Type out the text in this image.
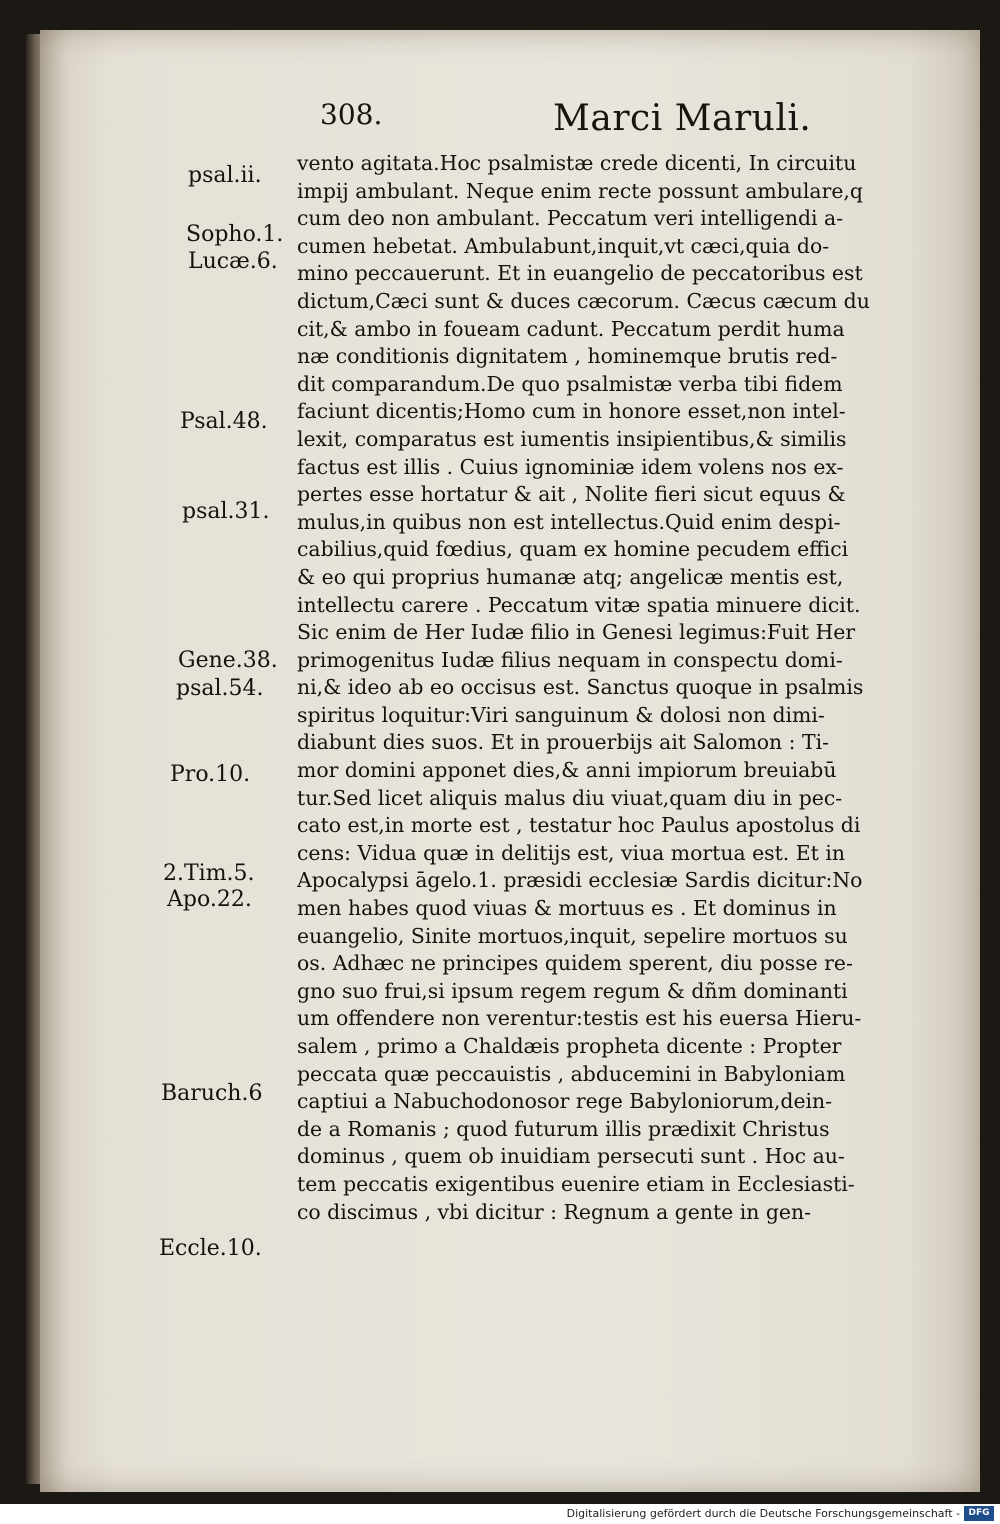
308.	Marci Maruli.
psal.ii.
Sopho.1.
Lucæ.6.
Psal.48.
psal.31.
Gene.38.
psal.54.
Pro.10.
2.Tim.5.
Apo.22.
Baruch.6
Eccle.10.
vento agitata.Hoc psalmistæ crede dicenti, In circuitu
impij ambulant. Neque enim recte possunt ambulare,q
cum deo non ambulant. Peccatum veri intelligendi a-
cumen hebetat. Ambulabunt,inquit,vt cæci,quia do-
mino peccauerunt. Et in euangelio de peccatoribus est
dictum,Cæci sunt & duces cæcorum. Cæcus cæcum du
cit,& ambo in foueam cadunt. Peccatum perdit huma
næ conditionis dignitatem , hominemque brutis red-
dit comparandum.De quo psalmistæ verba tibi fidem
faciunt dicentis;Homo cum in honore esset,non intel-
lexit, comparatus est iumentis insipientibus,& similis
factus est illis . Cuius ignominiæ idem volens nos ex-
pertes esse hortatur & ait , Nolite fieri sicut equus &
mulus,in quibus non est intellectus.Quid enim despi-
cabilius,quid fœdius, quam ex homine pecudem effici
& eo qui proprius humanæ atq; angelicæ mentis est,
intellectu carere . Peccatum vitæ spatia minuere dicit.
Sic enim de Her Iudæ filio in Genesi legimus:Fuit Her
primogenitus Iudæ filius nequam in conspectu domi-
ni,& ideo ab eo occisus est. Sanctus quoque in psalmis
spiritus loquitur:Viri sanguinum & dolosi non dimi-
diabunt dies suos. Et in prouerbijs ait Salomon : Ti-
mor domini apponet dies,& anni impiorum breuiabū
tur.Sed licet aliquis malus diu viuat,quam diu in pec-
cato est,in morte est , testatur hoc Paulus apostolus di
cens: Vidua quæ in delitijs est, viua mortua est. Et in
Apocalypsi āgelo.1. præsidi ecclesiæ Sardis dicitur:No
men habes quod viuas & mortuus es . Et dominus in
euangelio, Sinite mortuos,inquit, sepelire mortuos su
os. Adhæc ne principes quidem sperent, diu posse re-
gno suo frui,si ipsum regem regum & dñm dominanti
um offendere non verentur:testis est his euersa Hieru-
salem , primo a Chaldæis propheta dicente : Propter
peccata quæ peccauistis , abducemini in Babyloniam
captiui a Nabuchodonosor rege Babyloniorum,dein-
de a Romanis ; quod futurum illis prædixit Christus
dominus , quem ob inuidiam persecuti sunt . Hoc au-
tem peccatis exigentibus euenire etiam in Ecclesiasti-
co discimus , vbi dicitur : Regnum a gente in gen-
Digitalisierung gefördert durch die Deutsche Forschungsgemeinschaft - DFG
